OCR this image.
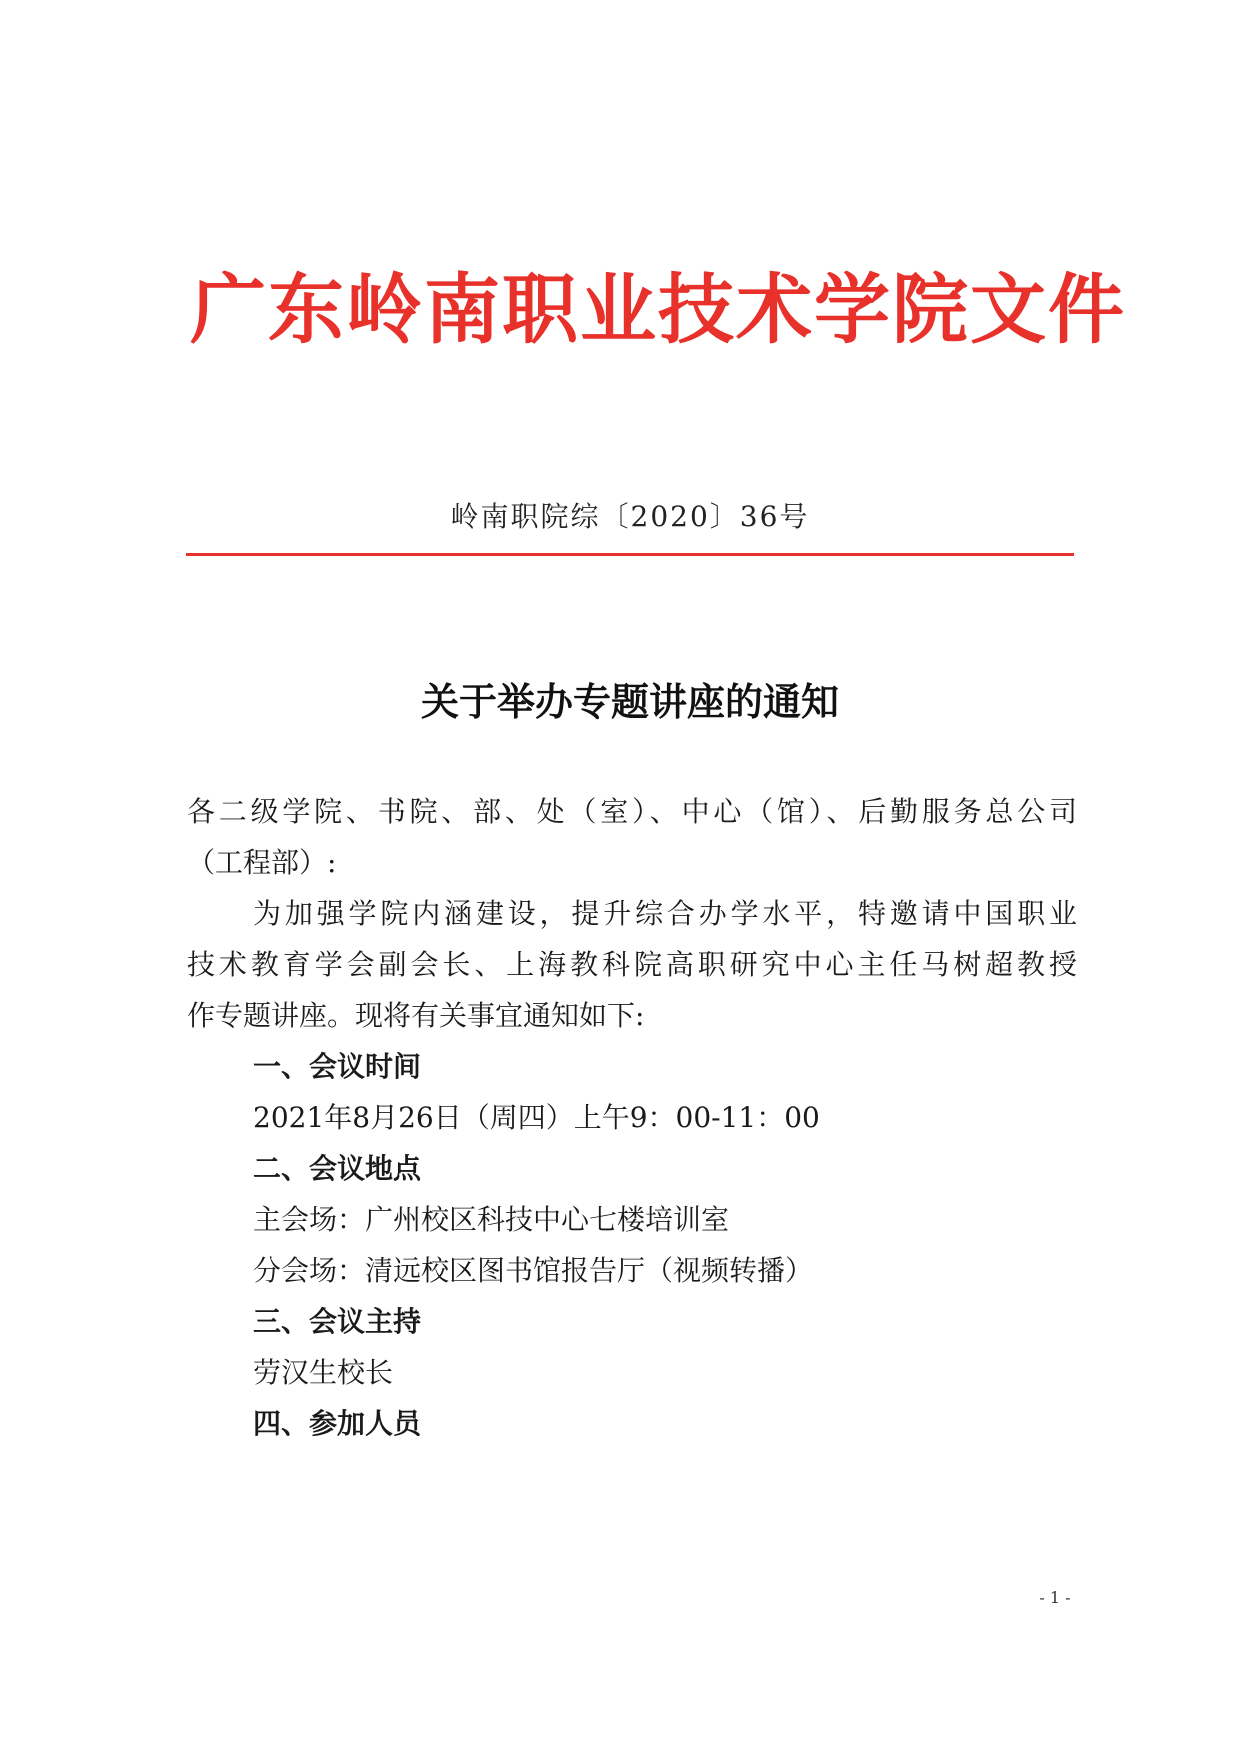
广东岭南职业技术学院文件
岭南职院综〔2020〕36号
关于举办专题讲座的通知
各二级学院、书院、部、处（室）、中心（馆）、后勤服务总公司
（工程部）:
为加强学院内涵建设，提升综合办学水平，特邀请中国职业
技术教育学会副会长、上海教科院高职研究中心主任马树超教授
作专题讲座。现将有关事宜通知如下:
一、会议时间
2021年8月26日（周四）上午9：00-11：00
二、会议地点
主会场：广州校区科技中心七楼培训室
分会场：清远校区图书馆报告厅（视频转播）
三、会议主持
劳汉生校长
四、参加人员
- 1 -
